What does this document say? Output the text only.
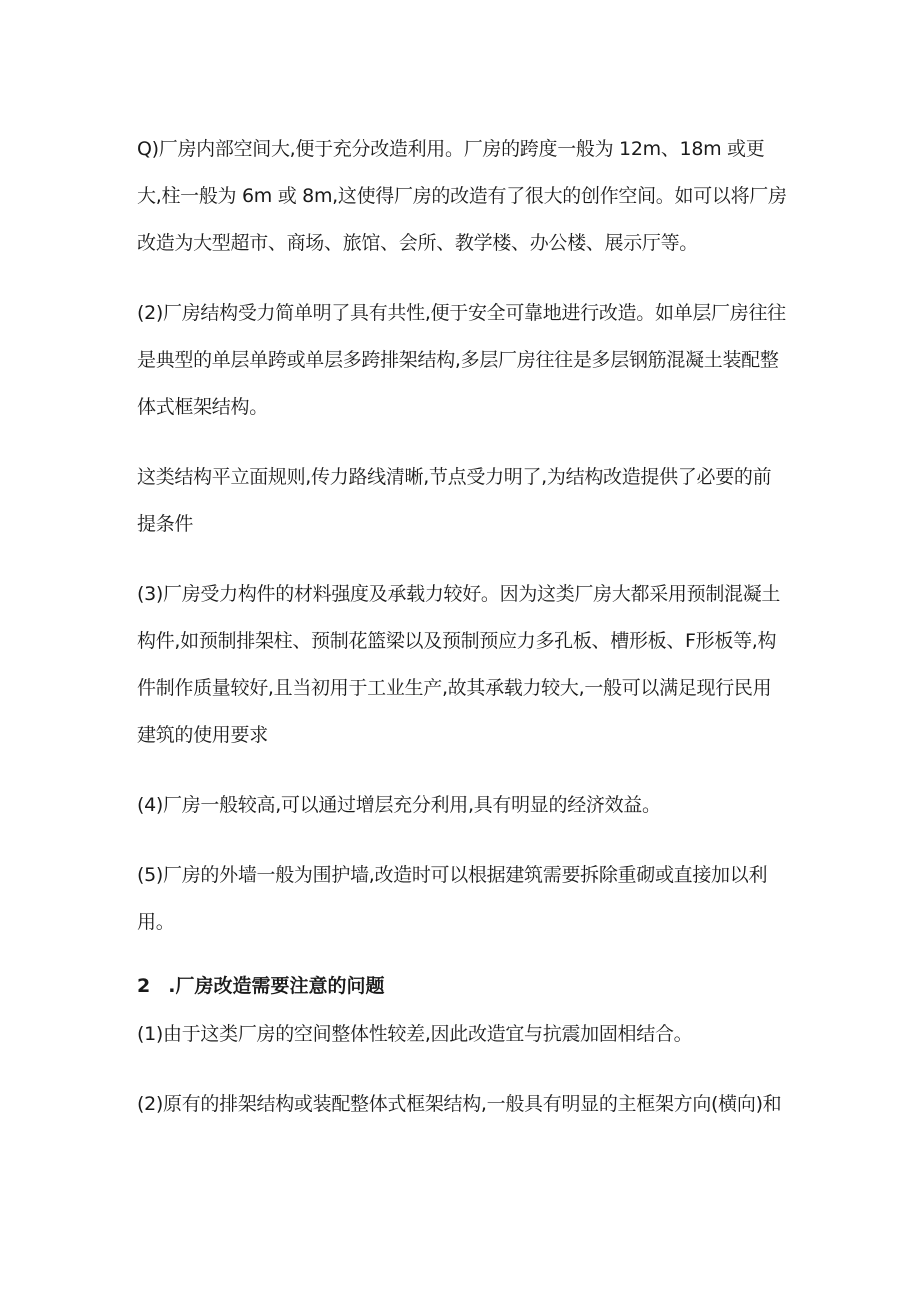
Q)厂房内部空间大,便于充分改造利用。厂房的跨度一般为 12m、18m 或更大,柱一般为 6m 或 8m,这使得厂房的改造有了很大的创作空间。如可以将厂房改造为大型超市、商场、旅馆、会所、教学楼、办公楼、展示厅等。

(2)厂房结构受力简单明了具有共性,便于安全可靠地进行改造。如单层厂房往往是典型的单层单跨或单层多跨排架结构,多层厂房往往是多层钢筋混凝土装配整体式框架结构。

这类结构平立面规则,传力路线清晰,节点受力明了,为结构改造提供了必要的前提条件

(3)厂房受力构件的材料强度及承载力较好。因为这类厂房大都采用预制混凝土构件,如预制排架柱、预制花篮梁以及预制预应力多孔板、槽形板、F形板等,构件制作质量较好,且当初用于工业生产,故其承载力较大,一般可以满足现行民用建筑的使用要求

(4)厂房一般较高,可以通过增层充分利用,具有明显的经济效益。

(5)厂房的外墙一般为围护墙,改造时可以根据建筑需要拆除重砌或直接加以利用。

2 .厂房改造需要注意的问题

(1)由于这类厂房的空间整体性较差,因此改造宜与抗震加固相结合。

(2)原有的排架结构或装配整体式框架结构,一般具有明显的主框架方向(横向)和
